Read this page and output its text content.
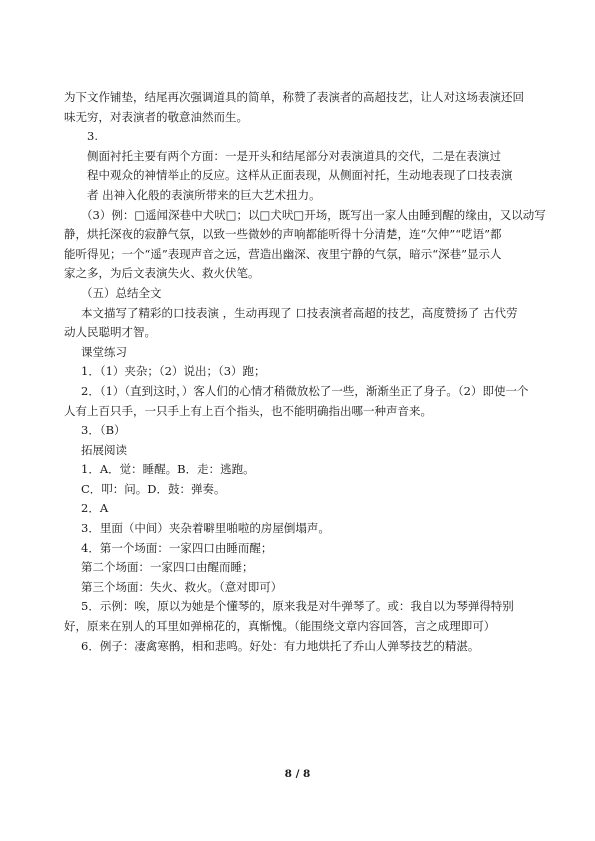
为下文作铺垫，结尾再次强调道具的简单，称赞了表演者的高超技艺，让人对这场表演还回
味无穷，对表演者的敬意油然而生。
3.
侧面衬托主要有两个方面：一是开头和结尾部分对表演道具的交代，二是在表演过
程中观众的神情举止的反应。这样从正面表现，从侧面衬托，生动地表现了口技表演
者 出神入化般的表演所带来的巨大艺术扭力。
（3）例：□遥闻深巷中犬吠□；以□犬吠□开场，既写出一家人由睡到醒的缘由，又以动写
静，烘托深夜的寂静气氛，以致一些微妙的声响都能听得十分清楚，连“欠伸”“呓语”都
能听得见；一个“遥”表现声音之远，营造出幽深、夜里宁静的气氛，暗示“深巷”显示人
家之多，为后文表演失火、救火伏笔。
（五）总结全文
本文描写了精彩的口技表演 ，生动再现了 口技表演者高超的技艺，高度赞扬了 古代劳
动人民聪明才智。
课堂练习
1．（1）夹杂；（2）说出；（3）跑；
2．（1）（直到这时，）客人们的心情才稍微放松了一些，渐渐坐正了身子。（2）即使一个
人有上百只手，一只手上有上百个指头，也不能明确指出哪一种声音来。
3．（B）
拓展阅读
1．A．觉：睡醒。B．走：逃跑。
C．叩：问。D．鼓：弹奏。
2．A
3．里面（中间）夹杂着噼里啪啦的房屋倒塌声。
4．第一个场面：一家四口由睡而醒；
第二个场面：一家四口由醒而睡；
第三个场面：失火、救火。（意对即可）
5．示例：唉，原以为她是个懂琴的，原来我是对牛弹琴了。或：我自以为琴弹得特别
好，原来在别人的耳里如弹棉花的，真惭愧。（能围绕文章内容回答，言之成理即可）
6．例子：凄禽寒鹘，相和悲鸣。好处：有力地烘托了乔山人弹琴技艺的精湛。
8 / 8
